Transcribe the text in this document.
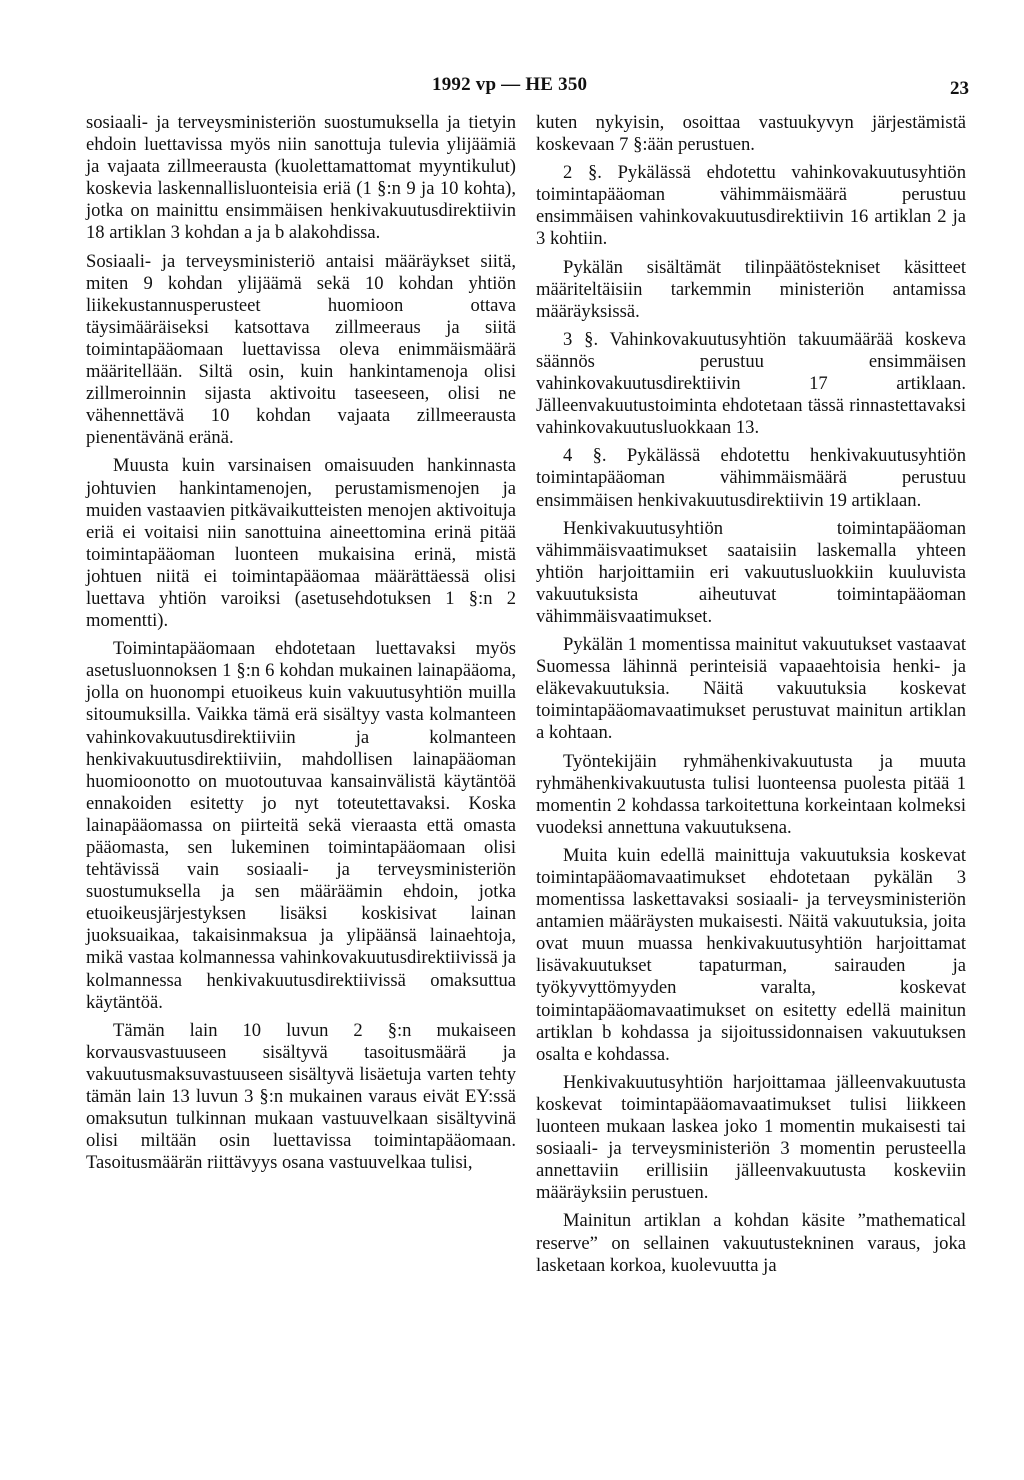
1992 vp — HE 350	23

sosiaali- ja terveysministeriön suostumuksella ja tietyin ehdoin luettavissa myös niin sanottuja tulevia ylijäämiä ja vajaata zillmeerausta (kuolettamattomat myyntikulut) koskevia laskennallisluonteisia eriä (1 §:n 9 ja 10 kohta), jotka on mainittu ensimmäisen henkivakuutusdirektiivin 18 artiklan 3 kohdan a ja b alakohdissa.

Sosiaali- ja terveysministeriö antaisi määräykset siitä, miten 9 kohdan ylijäämä sekä 10 kohdan yhtiön liikekustannusperusteet huomioon ottava täysimääräiseksi katsottava zillmeeraus ja siitä toimintapääomaan luettavissa oleva enimmäismäärä määritellään. Siltä osin, kuin hankintamenoja olisi zillmeroinnin sijasta aktivoitu taseeseen, olisi ne vähennettävä 10 kohdan vajaata zillmeerausta pienentävänä eränä.

Muusta kuin varsinaisen omaisuuden hankinnasta johtuvien hankintamenojen, perustamismenojen ja muiden vastaavien pitkävaikutteisten menojen aktivoituja eriä ei voitaisi niin sanottuina aineettomina erinä pitää toimintapääoman luonteen mukaisina erinä, mistä johtuen niitä ei toimintapääomaa määrättäessä olisi luettava yhtiön varoiksi (asetusehdotuksen 1 §:n 2 momentti).

Toimintapääomaan ehdotetaan luettavaksi myös asetusluonnoksen 1 §:n 6 kohdan mukainen lainapääoma, jolla on huonompi etuoikeus kuin vakuutusyhtiön muilla sitoumuksilla. Vaikka tämä erä sisältyy vasta kolmanteen vahinkovakuutusdirektiiviin ja kolmanteen henkivakuutusdirektiiviin, mahdollisen lainapääoman huomioonotto on muotoutuvaa kansainvälistä käytäntöä ennakoiden esitetty jo nyt toteutettavaksi. Koska lainapääomassa on piirteitä sekä vieraasta että omasta pääomasta, sen lukeminen toimintapääomaan olisi tehtävissä vain sosiaali- ja terveysministeriön suostumuksella ja sen määräämin ehdoin, jotka etuoikeusjärjestyksen lisäksi koskisivat lainan juoksuaikaa, takaisinmaksua ja ylipäänsä lainaehtoja, mikä vastaa kolmannessa vahinkovakuutusdirektiivissä ja kolmannessa henkivakuutusdirektiivissä omaksuttua käytäntöä.

Tämän lain 10 luvun 2 §:n mukaiseen korvausvastuuseen sisältyvä tasoitusmäärä ja vakuutusmaksuvastuuseen sisältyvä lisäetuja varten tehty tämän lain 13 luvun 3 §:n mukainen varaus eivät EY:ssä omaksutun tulkinnan mukaan vastuuvelkaan sisältyvinä olisi miltään osin luettavissa toimintapääomaan. Tasoitusmäärän riittävyys osana vastuuvelkaa tulisi,

kuten nykyisin, osoittaa vastuukyvyn järjestämistä koskevaan 7 §:ään perustuen.

2 §. Pykälässä ehdotettu vahinkovakuutusyhtiön toimintapääoman vähimmäismäärä perustuu ensimmäisen vahinkovakuutusdirektiivin 16 artiklan 2 ja 3 kohtiin.

Pykälän sisältämät tilinpäätöstekniset käsitteet määriteltäisiin tarkemmin ministeriön antamissa määräyksissä.

3 §. Vahinkovakuutusyhtiön takuumäärää koskeva säännös perustuu ensimmäisen vahinkovakuutusdirektiivin 17 artiklaan. Jälleenvakuutustoiminta ehdotetaan tässä rinnastettavaksi vahinkovakuutusluokkaan 13.

4 §. Pykälässä ehdotettu henkivakuutusyhtiön toimintapääoman vähimmäismäärä perustuu ensimmäisen henkivakuutusdirektiivin 19 artiklaan.

Henkivakuutusyhtiön toimintapääoman vähimmäisvaatimukset saataisiin laskemalla yhteen yhtiön harjoittamiin eri vakuutusluokkiin kuuluvista vakuutuksista aiheutuvat toimintapääoman vähimmäisvaatimukset.

Pykälän 1 momentissa mainitut vakuutukset vastaavat Suomessa lähinnä perinteisiä vapaaehtoisia henki- ja eläkevakuutuksia. Näitä vakuutuksia koskevat toimintapääomavaatimukset perustuvat mainitun artiklan a kohtaan.

Työntekijäin ryhmähenkivakuutusta ja muuta ryhmähenkivakuutusta tulisi luonteensa puolesta pitää 1 momentin 2 kohdassa tarkoitettuna korkeintaan kolmeksi vuodeksi annettuna vakuutuksena.

Muita kuin edellä mainittuja vakuutuksia koskevat toimintapääomavaatimukset ehdotetaan pykälän 3 momentissa laskettavaksi sosiaali- ja terveysministeriön antamien määräysten mukaisesti. Näitä vakuutuksia, joita ovat muun muassa henkivakuutusyhtiön harjoittamat lisävakuutukset tapaturman, sairauden ja työkyvyttömyyden varalta, koskevat toimintapääomavaatimukset on esitetty edellä mainitun artiklan b kohdassa ja sijoitussidonnaisen vakuutuksen osalta e kohdassa.

Henkivakuutusyhtiön harjoittamaa jälleenvakuutusta koskevat toimintapääomavaatimukset tulisi liikkeen luonteen mukaan laskea joko 1 momentin mukaisesti tai sosiaali- ja terveysministeriön 3 momentin perusteella annettaviin erillisiin jälleenvakuutusta koskeviin määräyksiin perustuen.

Mainitun artiklan a kohdan käsite ”mathematical reserve” on sellainen vakuutustekninen varaus, joka lasketaan korkoa, kuolevuutta ja
